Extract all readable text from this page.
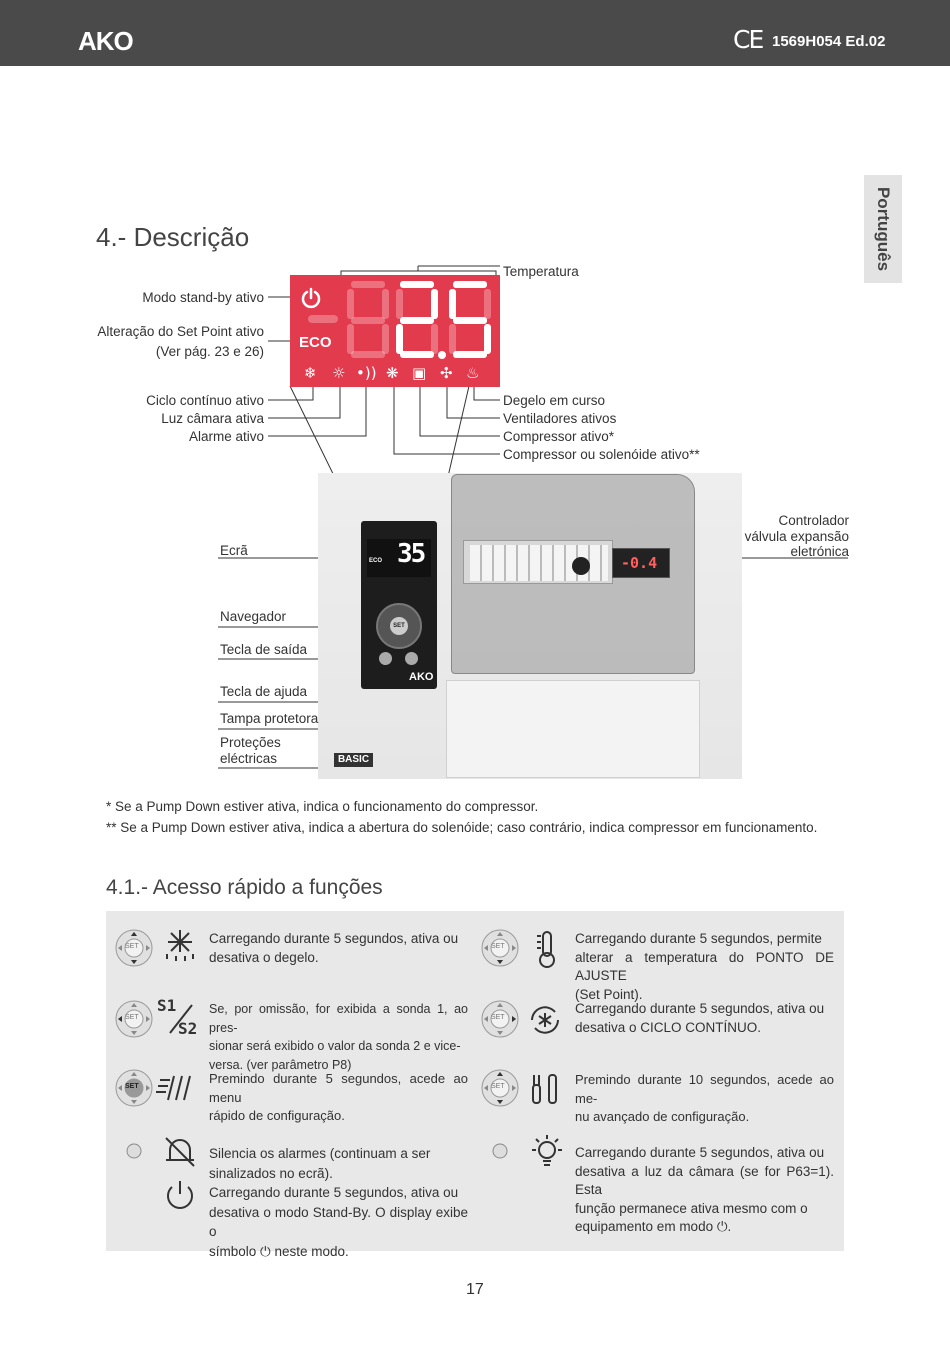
AKO	CE 1569H054 Ed.02
Português
4.- Descrição
Modo stand-by ativo
Alteração do Set Point ativo
(Ver pág. 23 e 26)
Ciclo contínuo ativo
Luz câmara ativa
Alarme ativo
Temperatura
Degelo em curso
Ventiladores ativos
Compressor ativo*
Compressor ou solenóide ativo**
ECO
❄ ☼ •)) ❋ ▣ ✣ ♨
-0.4
ECO 35
SET
AKO
BASIC
Ecrã
Navegador
Tecla de saída
Tecla de ajuda
Tampa protetora
Proteções
eléctricas
Controlador
válvula expansão
eletrónica
* Se a Pump Down estiver ativa, indica o funcionamento do compressor.
** Se a Pump Down estiver ativa, indica a abertura do solenóide; caso contrário, indica compressor em funcionamento.
4.1.- Acesso rápido a funções
SET
SET
SET
SET
SET
SET
S1
S2
Carregando durante 5 segundos, ativa ou
desativa o degelo.
Carregando durante 5 segundos, permite
alterar a temperatura do PONTO DE AJUSTE
(Set Point).
Se, por omissão, for exibida a sonda 1, ao pres-
sionar será exibido o valor da sonda 2 e vice-
versa. (ver parâmetro P8)
Carregando durante 5 segundos, ativa ou
desativa o CICLO CONTÍNUO.
Premindo durante 5 segundos, acede ao menu
rápido de configuração.
Premindo durante 10 segundos, acede ao me-
nu avançado de configuração.
Silencia os alarmes (continuam a ser
sinalizados no ecrã).
Carregando durante 5 segundos, ativa ou
desativa o modo Stand-By. O display exibe o
símbolo ⏻ neste modo.
Carregando durante 5 segundos, ativa ou
desativa a luz da câmara (se for P63=1). Esta
função permanece ativa mesmo com o
equipamento em modo ⏻.
17
